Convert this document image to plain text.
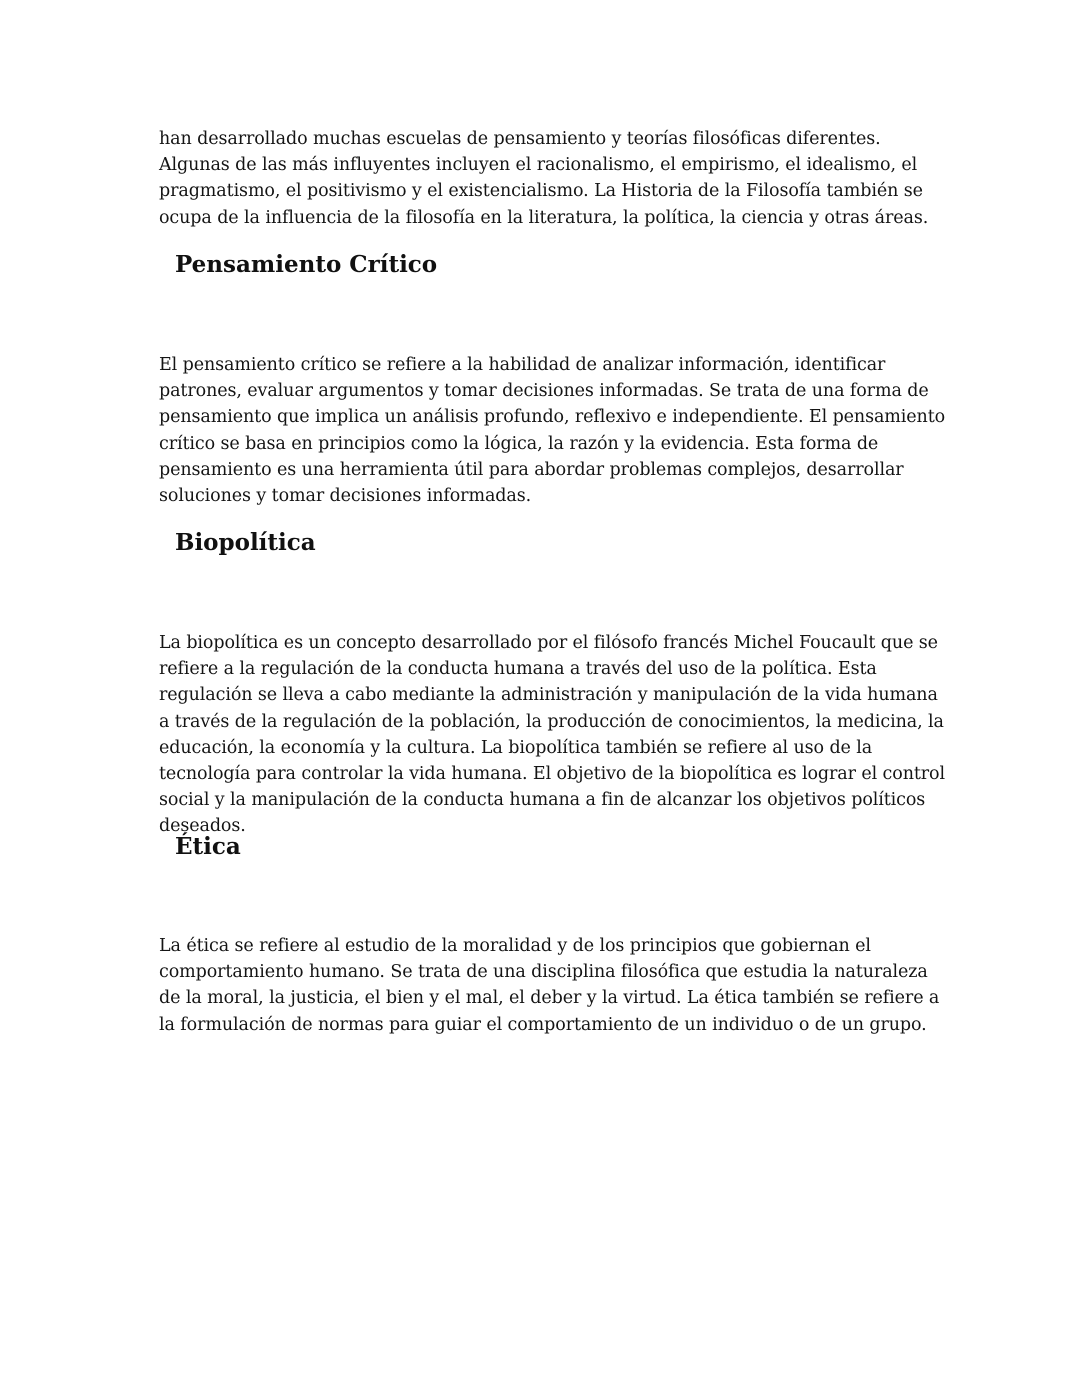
han desarrollado muchas escuelas de pensamiento y teorías filosóficas diferentes. Algunas de las más influyentes incluyen el racionalismo, el empirismo, el idealismo, el pragmatismo, el positivismo y el existencialismo. La Historia de la Filosofía también se ocupa de la influencia de la filosofía en la literatura, la política, la ciencia y otras áreas.

Pensamiento Crítico

El pensamiento crítico se refiere a la habilidad de analizar información, identificar patrones, evaluar argumentos y tomar decisiones informadas. Se trata de una forma de pensamiento que implica un análisis profundo, reflexivo e independiente. El pensamiento crítico se basa en principios como la lógica, la razón y la evidencia. Esta forma de pensamiento es una herramienta útil para abordar problemas complejos, desarrollar soluciones y tomar decisiones informadas.

Biopolítica

La biopolítica es un concepto desarrollado por el filósofo francés Michel Foucault que se refiere a la regulación de la conducta humana a través del uso de la política. Esta regulación se lleva a cabo mediante la administración y manipulación de la vida humana a través de la regulación de la población, la producción de conocimientos, la medicina, la educación, la economía y la cultura. La biopolítica también se refiere al uso de la tecnología para controlar la vida humana. El objetivo de la biopolítica es lograr el control social y la manipulación de la conducta humana a fin de alcanzar los objetivos políticos deseados.

Ética

La ética se refiere al estudio de la moralidad y de los principios que gobiernan el comportamiento humano. Se trata de una disciplina filosófica que estudia la naturaleza de la moral, la justicia, el bien y el mal, el deber y la virtud. La ética también se refiere a la formulación de normas para guiar el comportamiento de un individuo o de un grupo.
